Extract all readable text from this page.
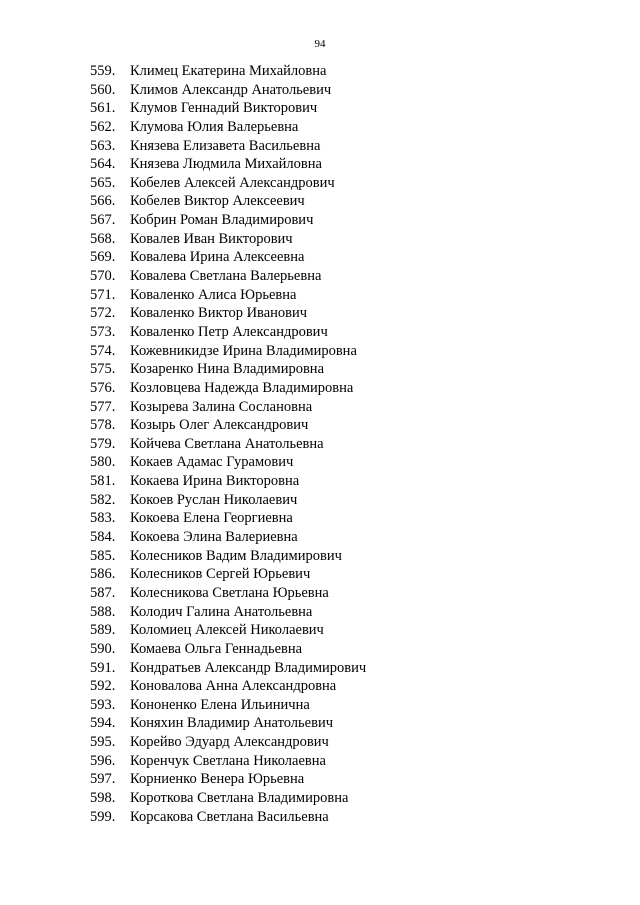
94
559.	Климец Екатерина Михайловна
560.	Климов Александр Анатольевич
561.	Клумов Геннадий Викторович
562.	Клумова Юлия Валерьевна
563.	Князева Елизавета Васильевна
564.	Князева Людмила Михайловна
565.	Кобелев Алексей Александрович
566.	Кобелев Виктор Алексеевич
567.	Кобрин Роман Владимирович
568.	Ковалев Иван Викторович
569.	Ковалева Ирина Алексеевна
570.	Ковалева Светлана Валерьевна
571.	Коваленко Алиса Юрьевна
572.	Коваленко Виктор Иванович
573.	Коваленко Петр Александрович
574.	Кожевникидзе Ирина Владимировна
575.	Козаренко Нина Владимировна
576.	Козловцева Надежда Владимировна
577.	Козырева Залина Сослановна
578.	Козырь Олег Александрович
579.	Койчева Светлана Анатольевна
580.	Кокаев Адамас Гурамович
581.	Кокаева Ирина Викторовна
582.	Кокоев Руслан Николаевич
583.	Кокоева Елена Георгиевна
584.	Кокоева Элина Валериевна
585.	Колесников Вадим Владимирович
586.	Колесников Сергей Юрьевич
587.	Колесникова Светлана Юрьевна
588.	Колодич Галина Анатольевна
589.	Коломиец Алексей Николаевич
590.	Комаева Ольга Геннадьевна
591.	Кондратьев Александр Владимирович
592.	Коновалова Анна Александровна
593.	Кононенко Елена Ильинична
594.	Коняхин Владимир Анатольевич
595.	Корейво Эдуард Александрович
596.	Коренчук Светлана Николаевна
597.	Корниенко Венера Юрьевна
598.	Короткова Светлана Владимировна
599.	Корсакова Светлана Васильевна
